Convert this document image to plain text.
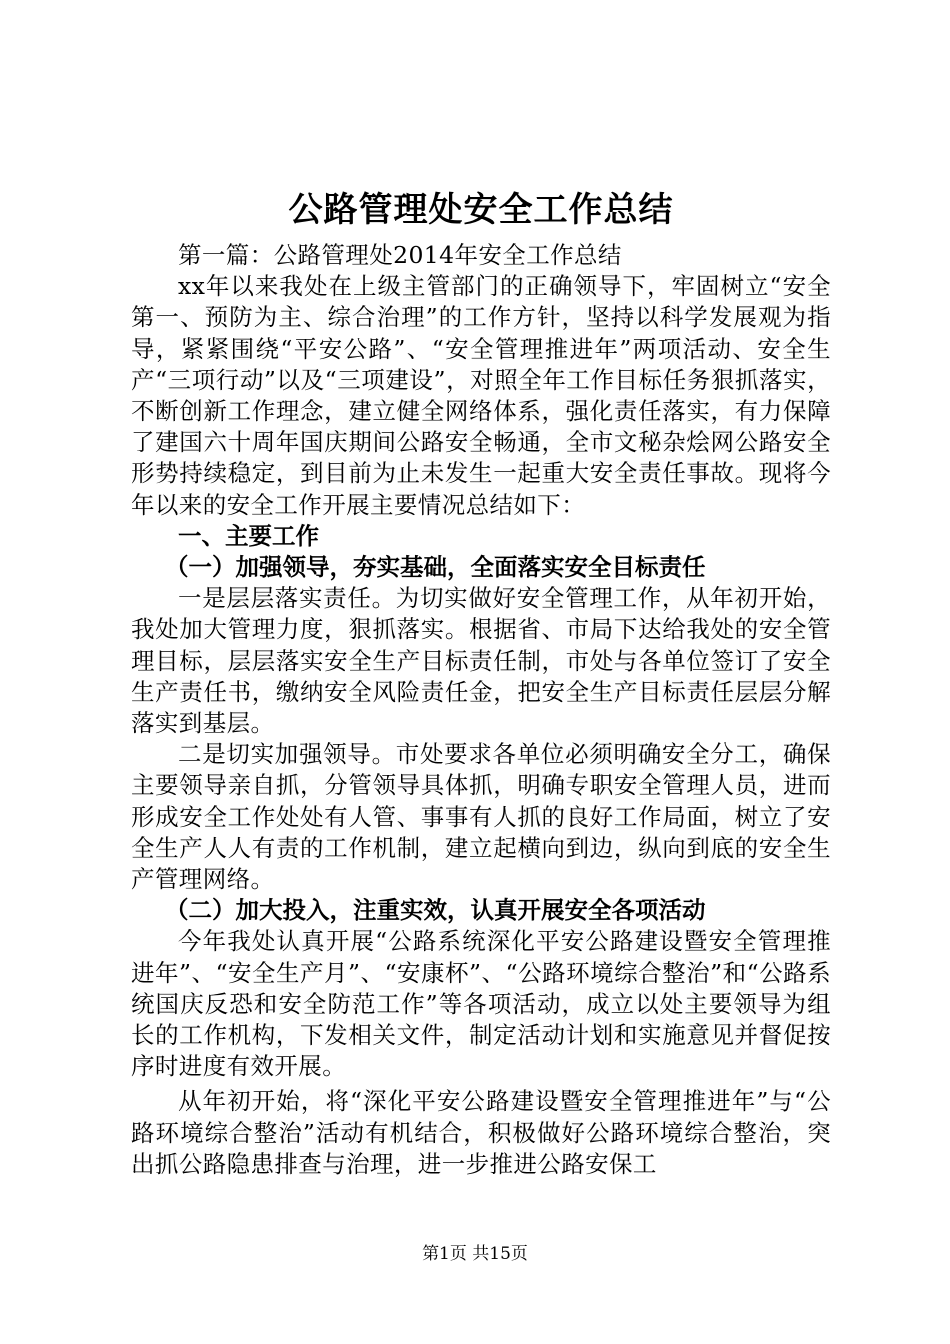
公路管理处安全工作总结

第一篇：公路管理处2014年安全工作总结

xx年以来我处在上级主管部门的正确领导下，牢固树立“安全第一、预防为主、综合治理”的工作方针，坚持以科学发展观为指导，紧紧围绕“平安公路”、“安全管理推进年”两项活动、安全生产“三项行动”以及“三项建设”，对照全年工作目标任务狠抓落实，不断创新工作理念，建立健全网络体系，强化责任落实，有力保障了建国六十周年国庆期间公路安全畅通，全市文秘杂烩网公路安全形势持续稳定，到目前为止未发生一起重大安全责任事故。现将今年以来的安全工作开展主要情况总结如下：

一、主要工作

（一）加强领导，夯实基础，全面落实安全目标责任

一是层层落实责任。为切实做好安全管理工作，从年初开始，我处加大管理力度，狠抓落实。根据省、市局下达给我处的安全管理目标，层层落实安全生产目标责任制，市处与各单位签订了安全生产责任书，缴纳安全风险责任金，把安全生产目标责任层层分解落实到基层。

二是切实加强领导。市处要求各单位必须明确安全分工，确保主要领导亲自抓，分管领导具体抓，明确专职安全管理人员，进而形成安全工作处处有人管、事事有人抓的良好工作局面，树立了安全生产人人有责的工作机制，建立起横向到边，纵向到底的安全生产管理网络。

（二）加大投入，注重实效，认真开展安全各项活动

今年我处认真开展“公路系统深化平安公路建设暨安全管理推进年”、“安全生产月”、“安康杯”、“公路环境综合整治”和“公路系统国庆反恐和安全防范工作”等各项活动，成立以处主要领导为组长的工作机构，下发相关文件，制定活动计划和实施意见并督促按序时进度有效开展。

从年初开始，将“深化平安公路建设暨安全管理推进年”与“公路环境综合整治”活动有机结合，积极做好公路环境综合整治，突出抓公路隐患排查与治理，进一步推进公路安保工

第1页 共15页
